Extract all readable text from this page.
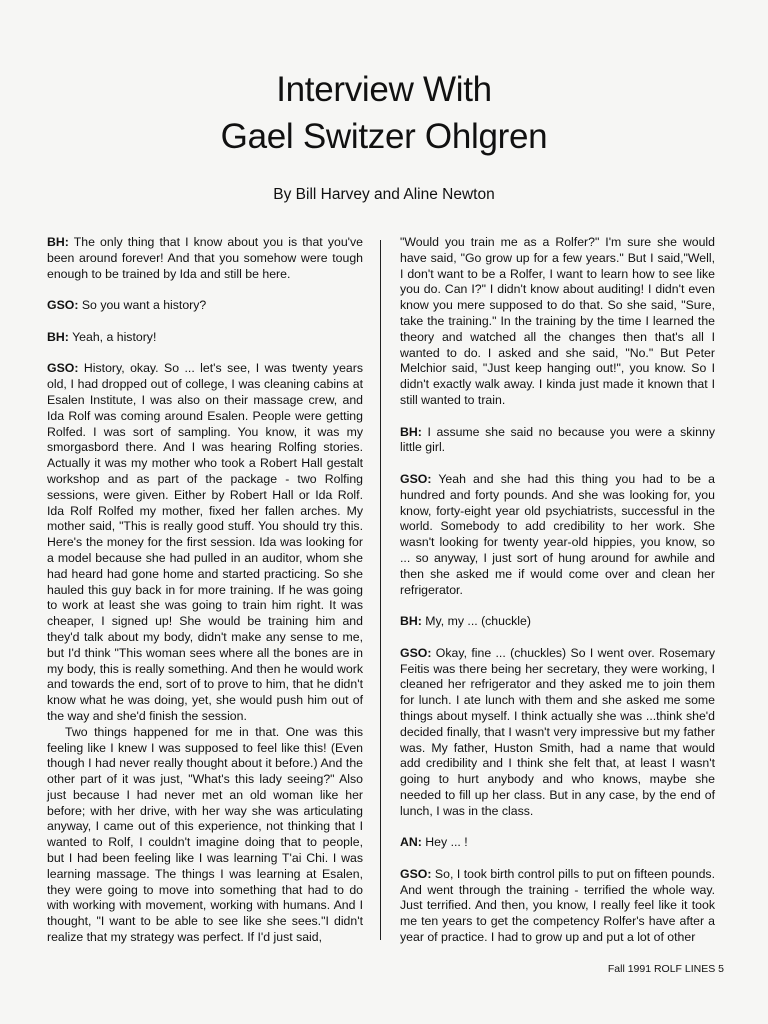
Interview With
Gael Switzer Ohlgren
By Bill Harvey and Aline Newton

BH: The only thing that I know about you is that you've been around forever! And that you somehow were tough enough to be trained by Ida and still be here.

GSO: So you want a history?

BH: Yeah, a history!

GSO: History, okay. So ... let's see, I was twenty years old, I had dropped out of college, I was cleaning cabins at Esalen Institute, I was also on their massage crew, and Ida Rolf was coming around Esalen. People were getting Rolfed. I was sort of sampling. You know, it was my smorgasbord there. And I was hearing Rolfing stories. Actually it was my mother who took a Robert Hall gestalt workshop and as part of the package - two Rolfing sessions, were given. Either by Robert Hall or Ida Rolf. Ida Rolf Rolfed my mother, fixed her fallen arches. My mother said, "This is really good stuff. You should try this. Here's the money for the first session. Ida was looking for a model because she had pulled in an auditor, whom she had heard had gone home and started practicing. So she hauled this guy back in for more training. If he was going to work at least she was going to train him right. It was cheaper, I signed up! She would be training him and they'd talk about my body, didn't make any sense to me, but I'd think "This woman sees where all the bones are in my body, this is really something. And then he would work and towards the end, sort of to prove to him, that he didn't know what he was doing, yet, she would push him out of the way and she'd finish the session.

Two things happened for me in that. One was this feeling like I knew I was supposed to feel like this! (Even though I had never really thought about it before.) And the other part of it was just, "What's this lady seeing?" Also just because I had never met an old woman like her before; with her drive, with her way she was articulating anyway, I came out of this experience, not thinking that I wanted to Rolf, I couldn't imagine doing that to people, but I had been feeling like I was learning T'ai Chi. I was learning massage. The things I was learning at Esalen, they were going to move into something that had to do with working with movement, working with humans. And I thought, "I want to be able to see like she sees."I didn't realize that my strategy was perfect. If I'd just said,

"Would you train me as a Rolfer?" I'm sure she would have said, "Go grow up for a few years." But I said,"Well, I don't want to be a Rolfer, I want to learn how to see like you do. Can I?" I didn't know about auditing! I didn't even know you mere supposed to do that. So she said, "Sure, take the training." In the training by the time I learned the theory and watched all the changes then that's all I wanted to do. I asked and she said, "No." But Peter Melchior said, "Just keep hanging out!", you know. So I didn't exactly walk away. I kinda just made it known that I still wanted to train.

BH: I assume she said no because you were a skinny little girl.

GSO: Yeah and she had this thing you had to be a hundred and forty pounds. And she was looking for, you know, forty-eight year old psychiatrists, successful in the world. Somebody to add credibility to her work. She wasn't looking for twenty year-old hippies, you know, so ... so anyway, I just sort of hung around for awhile and then she asked me if would come over and clean her refrigerator.

BH: My, my ... (chuckle)

GSO: Okay, fine ... (chuckles) So I went over. Rosemary Feitis was there being her secretary, they were working, I cleaned her refrigerator and they asked me to join them for lunch. I ate lunch with them and she asked me some things about myself. I think actually she was ...think she'd decided finally, that I wasn't very impressive but my father was. My father, Huston Smith, had a name that would add credibility and I think she felt that, at least I wasn't going to hurt anybody and who knows, maybe she needed to fill up her class. But in any case, by the end of lunch, I was in the class.

AN: Hey ... !

GSO: So, I took birth control pills to put on fifteen pounds. And went through the training - terrified the whole way. Just terrified. And then, you know, I really feel like it took me ten years to get the competency Rolfer's have after a year of practice. I had to grow up and put a lot of other

Fall 1991 ROLF LINES 5
